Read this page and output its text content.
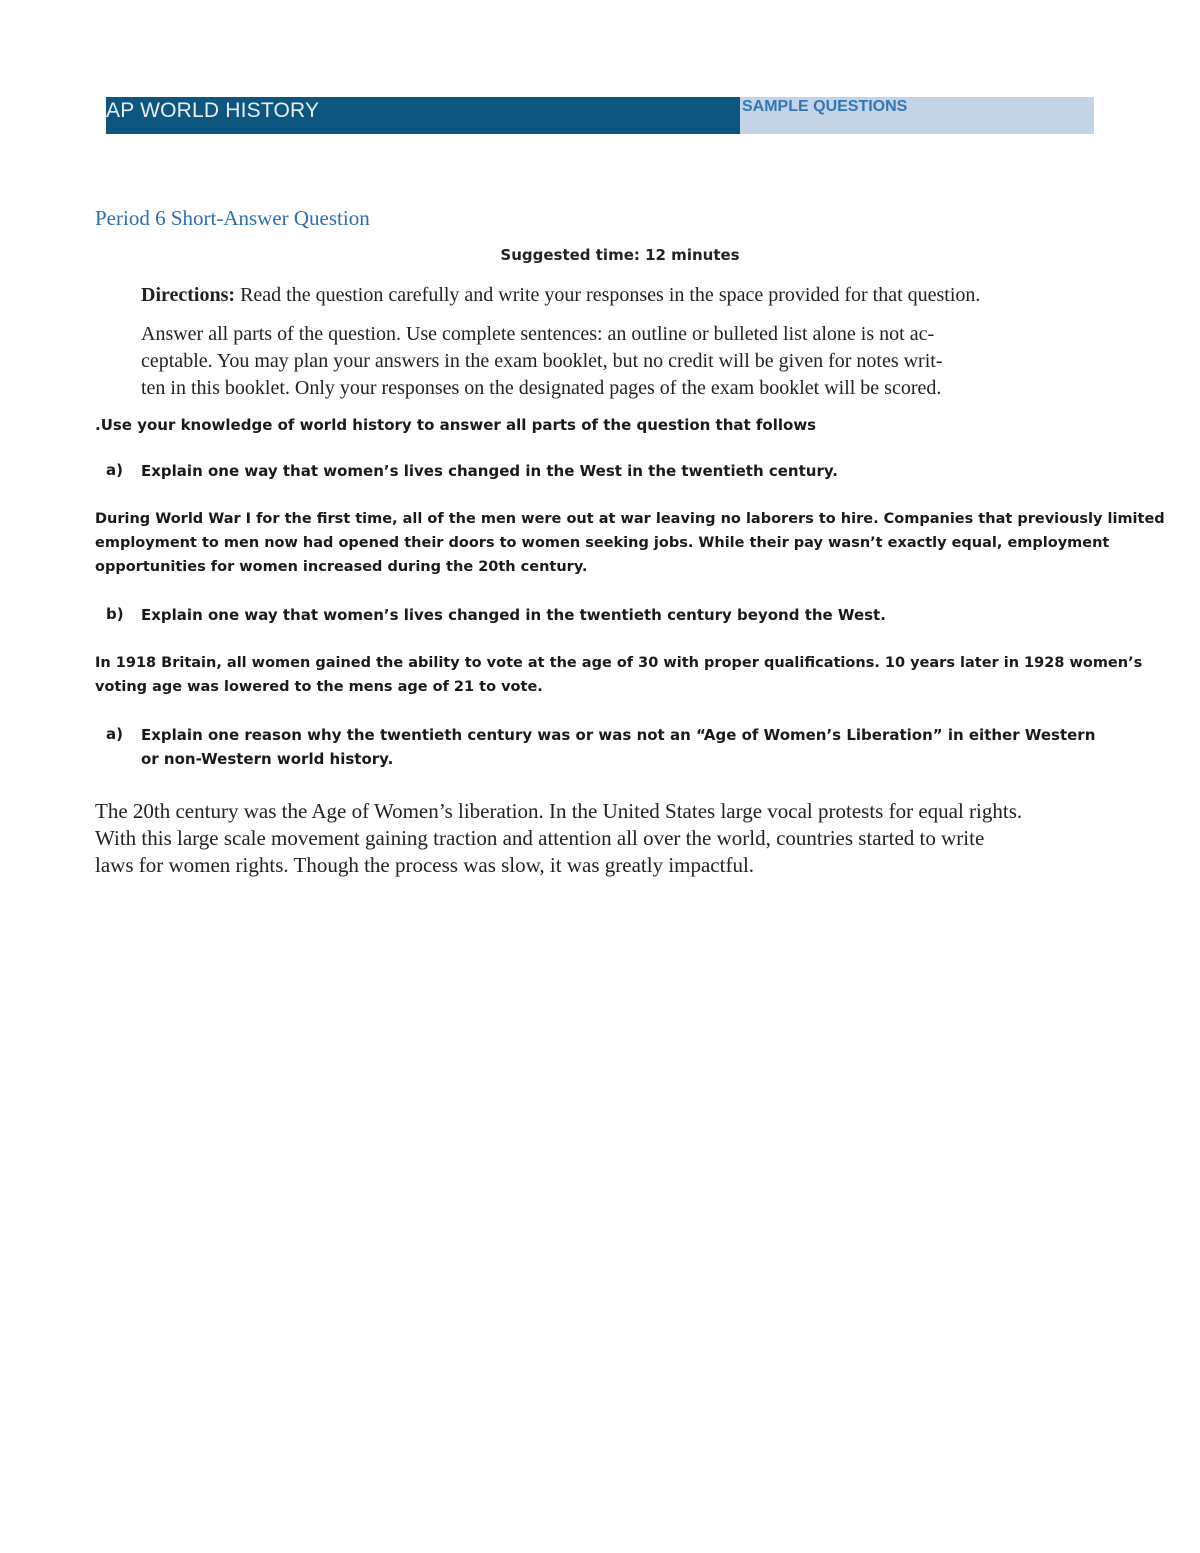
AP WORLD HISTORY	SAMPLE QUESTIONS
Period 6 Short-Answer Question
Suggested time: 12 minutes
Directions: Read the question carefully and write your responses in the space provided for that question.
Answer all parts of the question. Use complete sentences: an outline or bulleted list alone is not ac-
ceptable. You may plan your answers in the exam booklet, but no credit will be given for notes writ-
ten in this booklet. Only your responses on the designated pages of the exam booklet will be scored.
.Use your knowledge of world history to answer all parts of the question that follows
a) Explain one way that women’s lives changed in the West in the twentieth century.
During World War I for the first time, all of the men were out at war leaving no laborers to hire. Companies that previously limited
employment to men now had opened their doors to women seeking jobs. While their pay wasn’t exactly equal, employment
opportunities for women increased during the 20th century.
b) Explain one way that women’s lives changed in the twentieth century beyond the West.
In 1918 Britain, all women gained the ability to vote at the age of 30 with proper qualifications. 10 years later in 1928 women’s
voting age was lowered to the mens age of 21 to vote.
a) Explain one reason why the twentieth century was or was not an “Age of Women’s Liberation” in either Western
or non-Western world history.
The 20th century was the Age of Women’s liberation. In the United States large vocal protests for equal rights.
With this large scale movement gaining traction and attention all over the world, countries started to write
laws for women rights. Though the process was slow, it was greatly impactful.
